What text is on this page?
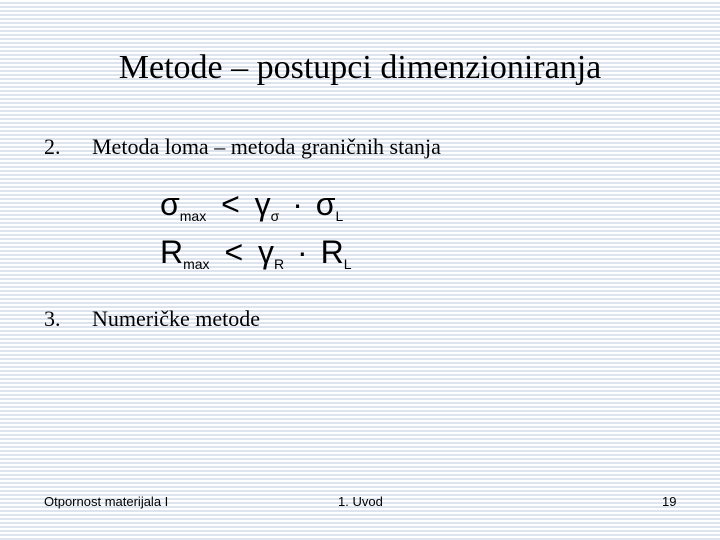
Metode – postupci dimenzioniranja
2. Metoda loma – metoda graničnih stanja
$\sigma_{max} < \gamma_\sigma \cdot \sigma_L$
$R_{max} < \gamma_R \cdot R_L$
3. Numeričke metode
Otpornost materijala I	1. Uvod	19
